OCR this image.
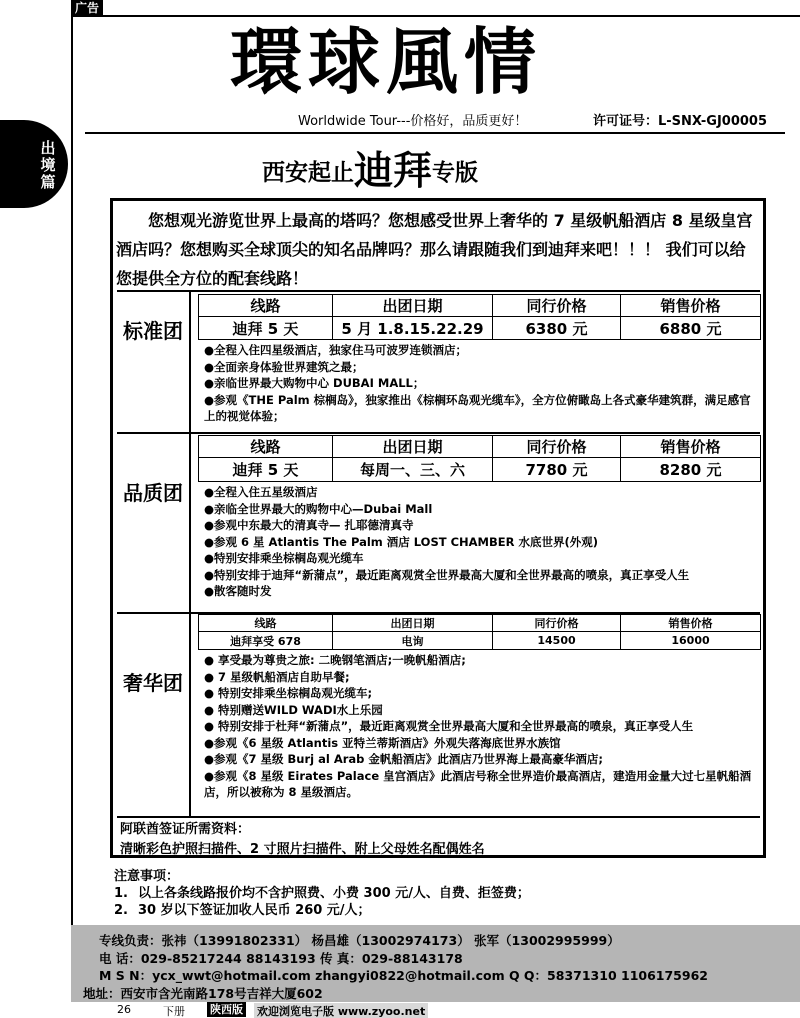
广告
出境篇
環球風情
Worldwide Tour---价格好，品质更好！	许可证号：L-SNX-GJ00005
西安起止迪拜专版

您想观光游览世界上最高的塔吗？您想感受世界上奢华的 7 星级帆船酒店 8 星级皇宫酒店吗？您想购买全球顶尖的知名品牌吗？那么请跟随我们到迪拜来吧！！！ 我们可以给您提供全方位的配套线路！

标准团
线路	出团日期	同行价格	销售价格
迪拜 5 天	5 月 1.8.15.22.29	6380 元	6880 元
●全程入住四星级酒店，独家住马可波罗连锁酒店；
●全面亲身体验世界建筑之最；
●亲临世界最大购物中心 DUBAI MALL；
●参观《THE Palm 棕榈岛》，独家推出《棕榈环岛观光缆车》，全方位俯瞰岛上各式豪华建筑群，满足感官上的视觉体验；
品质团
线路	出团日期	同行价格	销售价格
迪拜 5 天	每周一、三、六	7780 元	8280 元
●全程入住五星级酒店
●亲临全世界最大的购物中心—Dubai Mall
●参观中东最大的清真寺— 扎耶德清真寺
●参观 6 星 Atlantis The Palm 酒店 LOST CHAMBER 水底世界(外观)
●特别安排乘坐棕榈岛观光缆车
●特别安排于迪拜“新蒲点”，最近距离观赏全世界最高大厦和全世界最高的喷泉，真正享受人生
●散客随时发
奢华团
线路	出团日期	同行价格	销售价格
迪拜享受 678	电询	14500	16000
● 享受最为尊贵之旅: 二晚钢笔酒店;一晚帆船酒店;
● 7 星级帆船酒店自助早餐;
● 特别安排乘坐棕榈岛观光缆车;
● 特别赠送WILD WADI水上乐园
● 特别安排于杜拜“新蒲点”，最近距离观赏全世界最高大厦和全世界最高的喷泉，真正享受人生
●参观《6 星级 Atlantis 亚特兰蒂斯酒店》外观失落海底世界水族馆
●参观《7 星级 Burj al Arab 金帆船酒店》此酒店乃世界海上最高豪华酒店;
●参观《8 星级 Eirates Palace 皇宫酒店》此酒店号称全世界造价最高酒店，建造用金量大过七星帆船酒店，所以被称为 8 星级酒店。
阿联酋签证所需资料：
清晰彩色护照扫描件、2 寸照片扫描件、附上父母姓名配偶姓名
注意事项：
1. 以上各条线路报价均不含护照费、小费 300 元/人、自费、拒签费；
2. 30 岁以下签证加收人民币 260 元/人；
专线负责：张祎（13991802331） 杨昌雄（13002974173） 张军（13002995999）
电 话：029-85217244 88143193 传 真：029-88143178
M S N：ycx_wwt@hotmail.com zhangyi0822@hotmail.com Q Q：58371310 1106175962
地址：西安市含光南路178号吉祥大厦602
26	下册 陕西版 欢迎浏览电子版 www.zyoo.net
